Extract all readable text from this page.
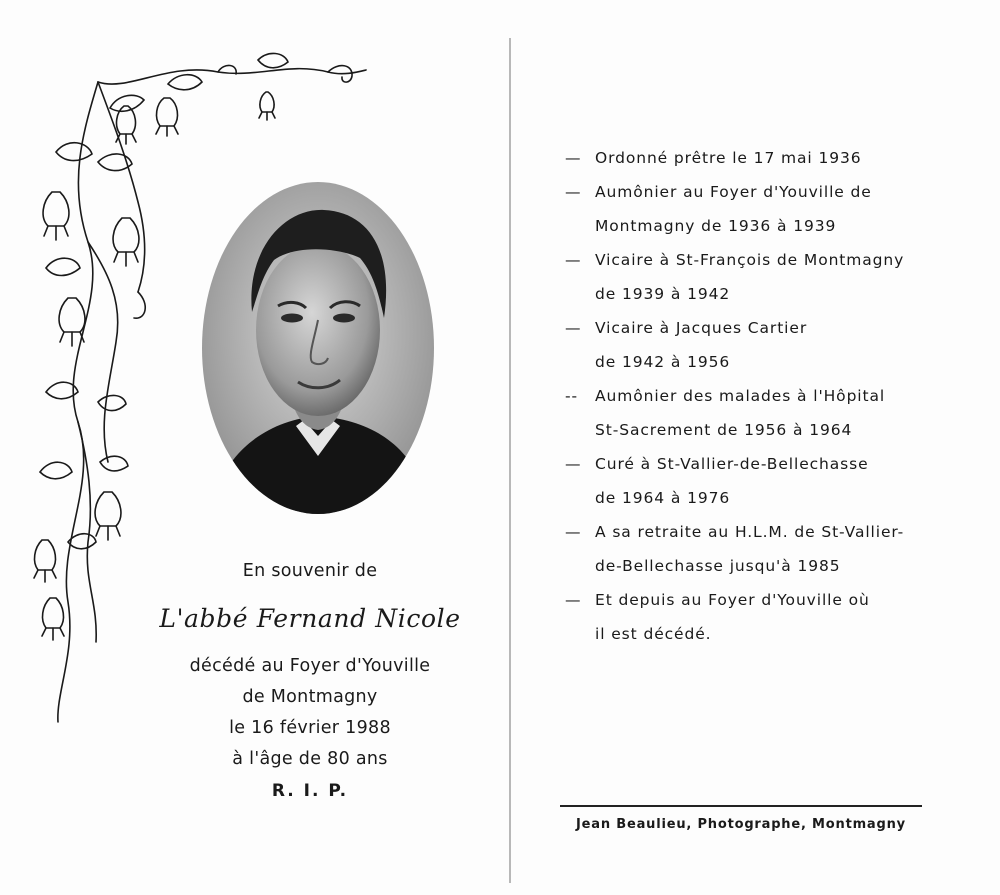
En souvenir de
L'abbé Fernand Nicole
décédé au Foyer d'Youville
de Montmagny
le 16 février 1988
à l'âge de 80 ans
R. I. P.
— Ordonné prêtre le 17 mai 1936
— Aumônier au Foyer d'Youville de
Montmagny de 1936 à 1939
— Vicaire à St-François de Montmagny
de 1939 à 1942
— Vicaire à Jacques Cartier
de 1942 à 1956
-- Aumônier des malades à l'Hôpital
St-Sacrement de 1956 à 1964
— Curé à St-Vallier-de-Bellechasse
de 1964 à 1976
— A sa retraite au H.L.M. de St-Vallier-
de-Bellechasse jusqu'à 1985
— Et depuis au Foyer d'Youville où
il est décédé.
Jean Beaulieu, Photographe, Montmagny
